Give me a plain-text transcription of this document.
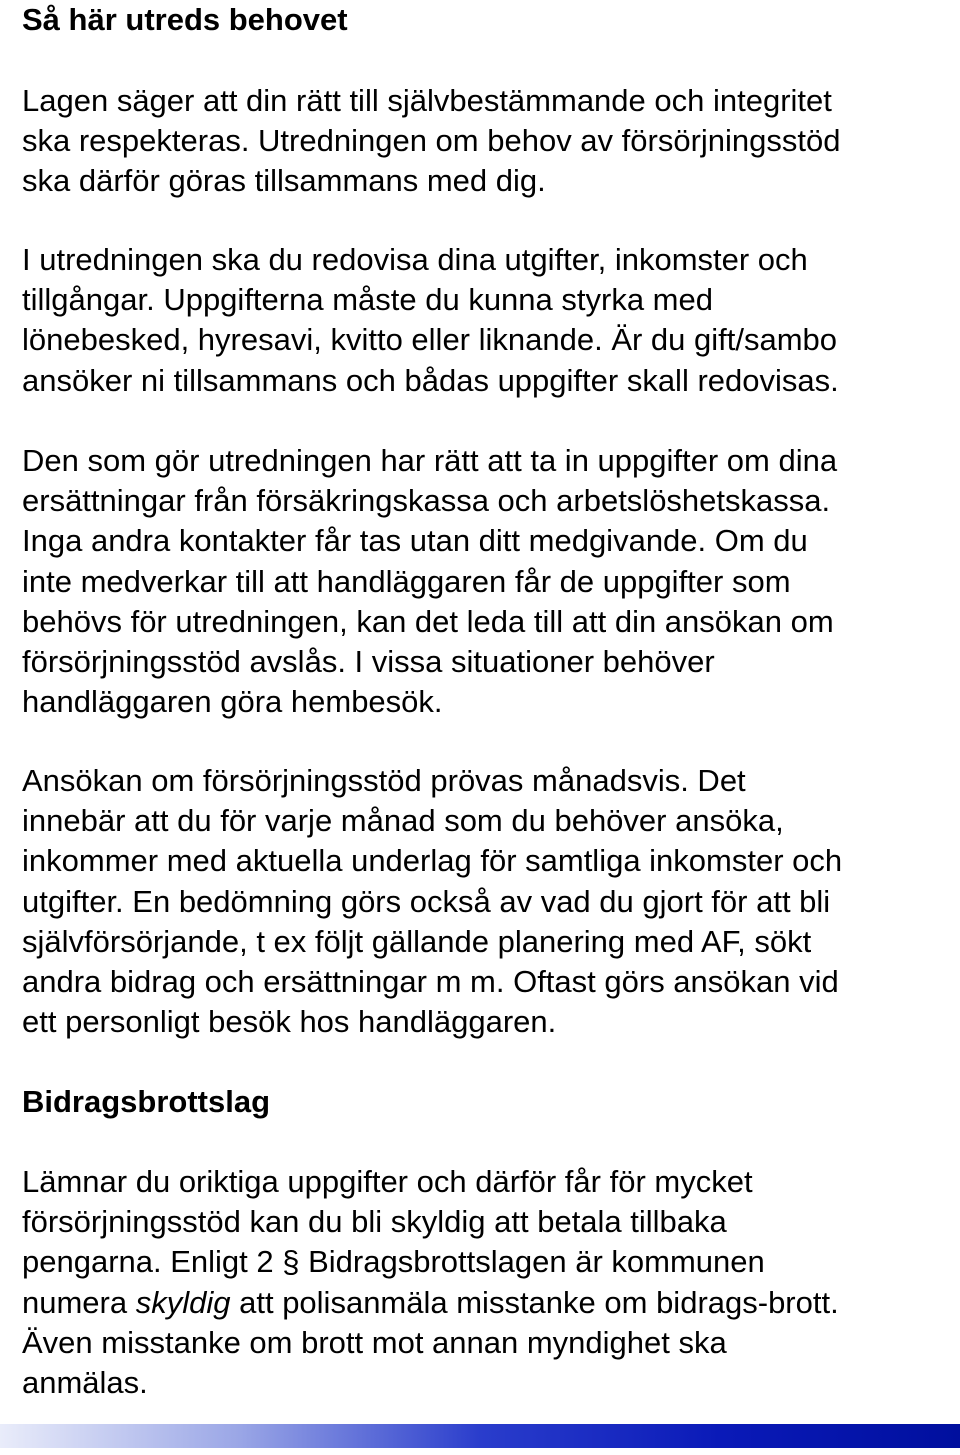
Så här utreds behovet

Lagen säger att din rätt till självbestämmande och integritet
ska respekteras. Utredningen om behov av försörjningsstöd
ska därför göras tillsammans med dig.

I utredningen ska du redovisa dina utgifter, inkomster och
tillgångar. Uppgifterna måste du kunna styrka med
lönebesked, hyresavi, kvitto eller liknande. Är du gift/sambo
ansöker ni tillsammans och bådas uppgifter skall redovisas.

Den som gör utredningen har rätt att ta in uppgifter om dina
ersättningar från försäkringskassa och arbetslöshetskassa.
Inga andra kontakter får tas utan ditt medgivande. Om du
inte medverkar till att handläggaren får de uppgifter som
behövs för utredningen, kan det leda till att din ansökan om
försörjningsstöd avslås. I vissa situationer behöver
handläggaren göra hembesök.

Ansökan om försörjningsstöd prövas månadsvis. Det
innebär att du för varje månad som du behöver ansöka,
inkommer med aktuella underlag för samtliga inkomster och
utgifter. En bedömning görs också av vad du gjort för att bli
självförsörjande, t ex följt gällande planering med AF, sökt
andra bidrag och ersättningar m m. Oftast görs ansökan vid
ett personligt besök hos handläggaren.

Bidragsbrottslag

Lämnar du oriktiga uppgifter och därför får för mycket
försörjningsstöd kan du bli skyldig att betala tillbaka
pengarna. Enligt 2 § Bidragsbrottslagen är kommunen
numera skyldig att polisanmäla misstanke om bidrags-brott.
Även misstanke om brott mot annan myndighet ska
anmälas.
